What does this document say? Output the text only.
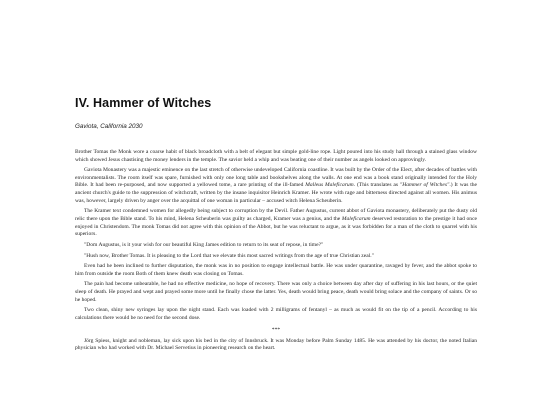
IV. Hammer of Witches

Gaviota, California 2030

Brother Tomas the Monk wore a coarse habit of black broadcloth with a belt of elegant but simple gold-line rope. Light poured into his study hall through a stained glass window which showed Jesus chastising the money lenders in the temple. The savior held a whip and was beating one of their number as angels looked on approvingly.

Gaviota Monastery was a majestic eminence on the last stretch of otherwise undeveloped California coastline. It was built by the Order of the Elect, after decades of battles with environmentalists. The room itself was spare, furnished with only one long table and bookshelves along the walls. At one end was a book stand originally intended for the Holy Bible. It had been re-purposed, and now supported a yellowed tome, a rare printing of the ill-famed Malleus Maleficarum. (This translates as "Hammer of Witches".) It was the ancient church's guide to the suppression of witchcraft, written by the insane inquisitor Heinrich Kramer. He wrote with rage and bitterness directed against all women. His animus was, however, largely driven by anger over the acquittal of one woman in particular – accused witch Helena Scheuberin.

The Kramer text condemned women for allegedly being subject to corruption by the Devil. Father Augustus, current abbot of Gaviota monastery, deliberately put the dusty old relic there upon the Bible stand. To his mind, Helena Scheuberin was guilty as charged, Kramer was a genius, and the Maleficarum deserved restoration to the prestige it had once enjoyed in Christendom. The monk Tomas did not agree with this opinion of the Abbot, but he was reluctant to argue, as it was forbidden for a man of the cloth to quarrel with his superiors.

"Dom Augustus, is it your wish for our beautiful King James edition to return to its seat of repose, in time?"

"Hush now, Brother Tomas. It is pleasing to the Lord that we elevate this most sacred writings from the age of true Christian zeal."

Even had he been inclined to further disputation, the monk was in no position to engage intellectual battle. He was under quarantine, ravaged by fever, and the abbot spoke to him from outside the room Both of them knew death was closing on Tomas.

The pain had become unbearable, he had no effective medicine, no hope of recovery. There was only a choice between day after day of suffering in his last hours, or the quiet sleep of death. He prayed and wept and prayed some more until he finally chose the latter. Yes, death would bring peace, death would bring solace and the company of saints. Or so he hoped.

Two clean, shiny new syringes lay upon the night stand. Each was loaded with 2 milligrams of fentanyl – as much as would fit on the tip of a pencil. According to his calculations there would be no need for the second dose.

***

Jörg Spiess, knight and nobleman, lay sick upon his bed in the city of Innsbruck. It was Monday before Palm Sunday 1485. He was attended by his doctor, the noted Italian physician who had worked with Dr. Michael Servetius in pioneering research on the heart.
